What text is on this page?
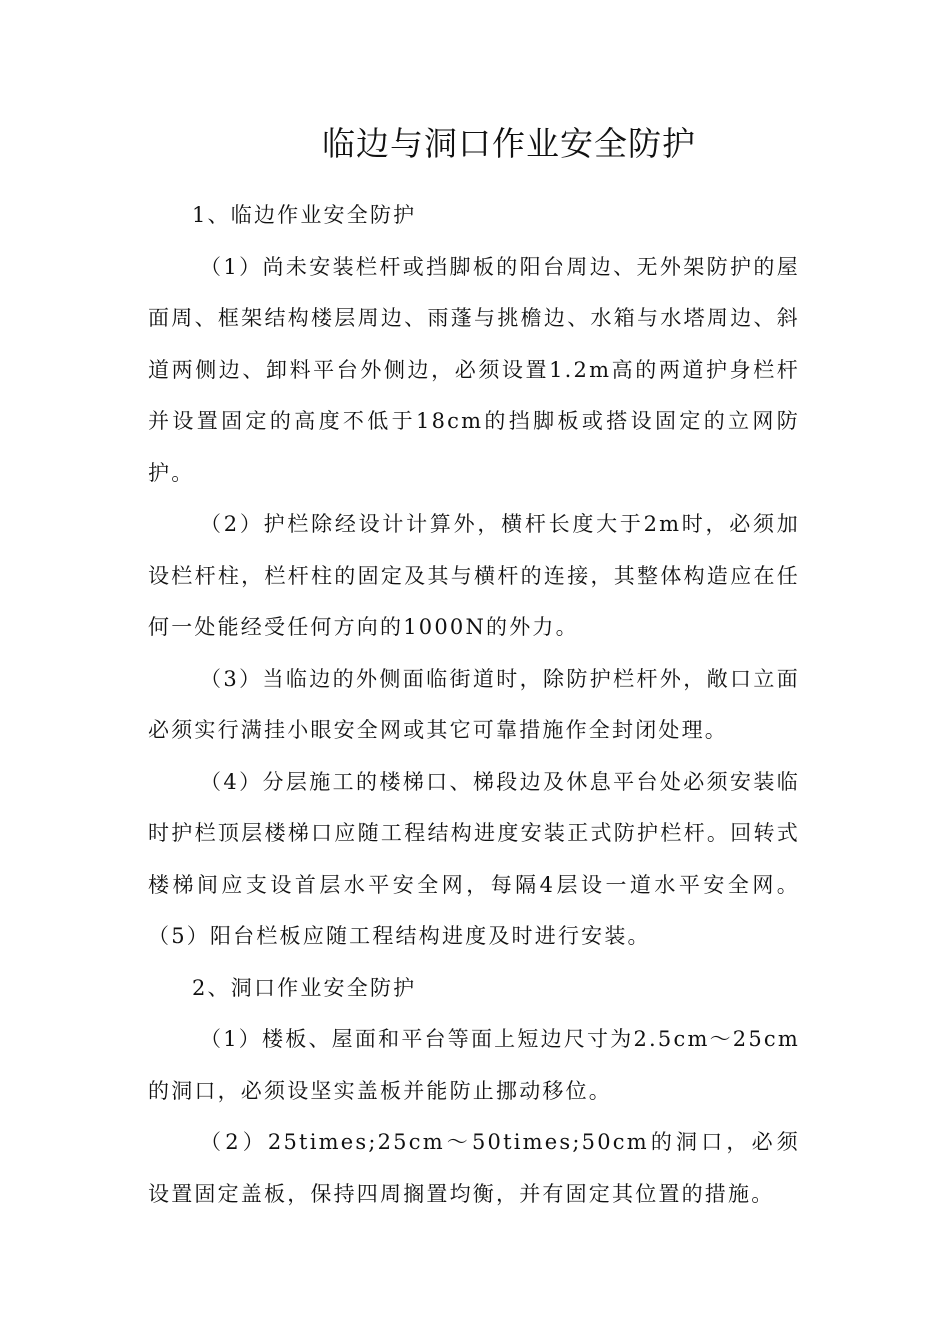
临边与洞口作业安全防护

1、临边作业安全防护

（1）尚未安装栏杆或挡脚板的阳台周边、无外架防护的屋面周、框架结构楼层周边、雨蓬与挑檐边、水箱与水塔周边、斜道两侧边、卸料平台外侧边，必须设置1.2m高的两道护身栏杆并设置固定的高度不低于18cm的挡脚板或搭设固定的立网防护。

（2）护栏除经设计计算外，横杆长度大于2m时，必须加设栏杆柱，栏杆柱的固定及其与横杆的连接，其整体构造应在任何一处能经受任何方向的1000N的外力。

（3）当临边的外侧面临街道时，除防护栏杆外，敞口立面必须实行满挂小眼安全网或其它可靠措施作全封闭处理。

（4）分层施工的楼梯口、梯段边及休息平台处必须安装临时护栏顶层楼梯口应随工程结构进度安装正式防护栏杆。回转式楼梯间应支设首层水平安全网，每隔4层设一道水平安全网。（5）阳台栏板应随工程结构进度及时进行安装。

2、洞口作业安全防护

（1）楼板、屋面和平台等面上短边尺寸为2.5cm～25cm的洞口，必须设坚实盖板并能防止挪动移位。

（2）25times;25cm～50times;50cm的洞口，必须设置固定盖板，保持四周搁置均衡，并有固定其位置的措施。
